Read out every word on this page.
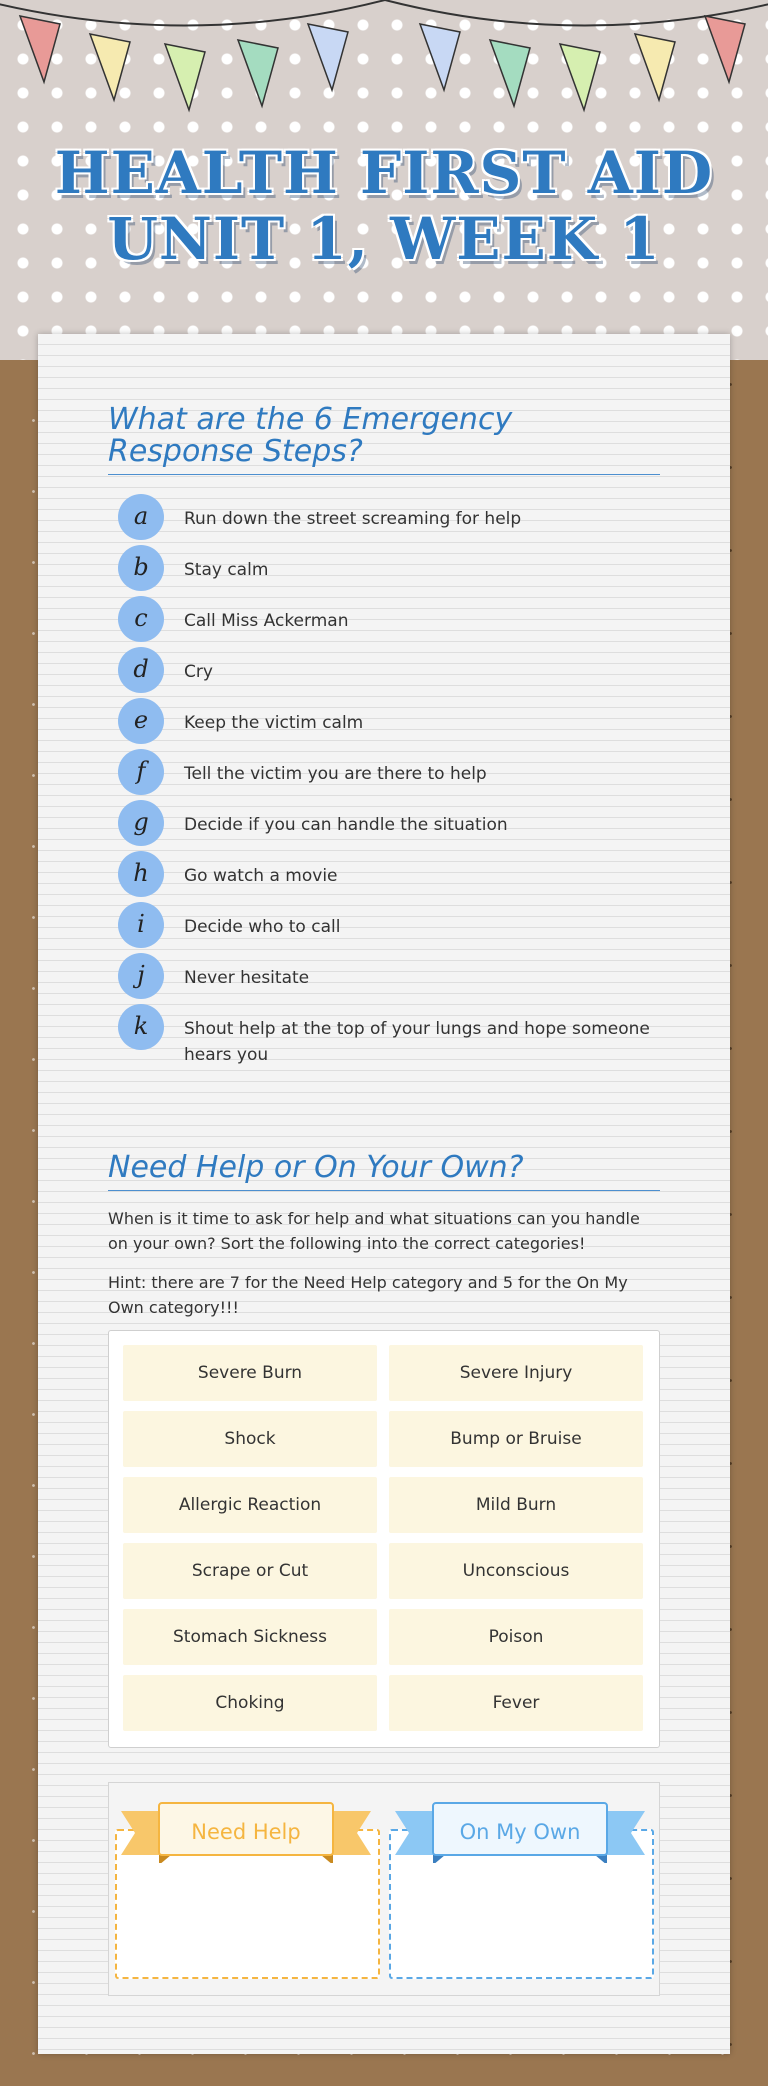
HEALTH FIRST AID
UNIT 1, WEEK 1
What are the 6 Emergency Response Steps?
a	Run down the street screaming for help
b	Stay calm
c	Call Miss Ackerman
d	Cry
e	Keep the victim calm
f	Tell the victim you are there to help
g	Decide if you can handle the situation
h	Go watch a movie
i	Decide who to call
j	Never hesitate
k	Shout help at the top of your lungs and hope someone hears you
Need Help or On Your Own?

When is it time to ask for help and what situations can you handle on your own? Sort the following into the correct categories!

Hint: there are 7 for the Need Help category and 5 for the On My Own category!!!

Severe Burn	Severe Injury
Shock	Bump or Bruise
Allergic Reaction	Mild Burn
Scrape or Cut	Unconscious
Stomach Sickness	Poison
Choking	Fever
Need Help	On My Own
